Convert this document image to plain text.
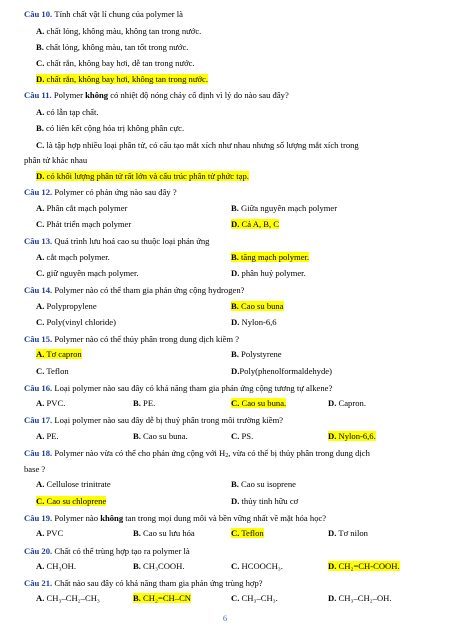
Câu 10. Tính chất vật lí chung của polymer là
A. chất lỏng, không màu, không tan trong nước.
B. chất lỏng, không màu, tan tốt trong nước.
C. chất rắn, không bay hơi, dễ tan trong nước.
D. chất rắn, không bay hơi, không tan trong nước.
Câu 11. Polymer không có nhiệt độ nóng chảy cố định vì lý do nào sau đây?
A. có lẫn tạp chất.
B. có liên kết cộng hóa trị không phân cực.
C. là tập hợp nhiều loại phân tử, có cấu tạo mắt xích như nhau nhưng số lượng mắt xích trong
phân tử khác nhau
D. có khối lượng phân tử rất lớn và cấu trúc phân tử phức tạp.
Câu 12. Polymer có phản ứng nào sau đây ?
A. Phân cắt mạch polymer	B. Giữa nguyên mạch polymer
C. Phát triển mạch polymer	D. Cả A, B, C
Câu 13. Quá trình lưu hoá cao su thuộc loại phản ứng
A. cắt mạch polymer.	B. tăng mạch polymer.
C. giữ nguyên mạch polymer.	D. phân huỷ polymer.
Câu 14. Polymer nào có thể tham gia phản ứng cộng hydrogen?
A. Polypropylene	B. Cao su buna
C. Poly(vinyl chloride)	D. Nylon-6,6
Câu 15. Polymer nào có thể thủy phân trong dung dịch kiềm ?
A. Tơ capron	B. Polystyrene
C. Teflon	D.Poly(phenolformaldehyde)
Câu 16. Loại polymer nào sau đây có khả năng tham gia phản ứng cộng tương tự alkene?
A. PVC.	B. PE.	C. Cao su buna.	D. Capron.
Câu 17. Loại polymer nào sau đây dễ bị thuỷ phân trong môi trường kiềm?
A. PE.	B. Cao su buna.	C. PS.	D. Nylon-6,6.
Câu 18. Polymer nào vừa có thể cho phản ứng cộng với $H_2$, vừa có thể bị thủy phân trong dung dịch
base ?
A. Cellulose trinitrate	B. Cao su isoprene
C. Cao su chloprene	D. thủy tinh hữu cơ
Câu 19. Polymer nào không tan trong mọi dung môi và bền vững nhất về mặt hóa học?
A. PVC	B. Cao su lưu hóa	C. Teflon	D. Tơ nilon
Câu 20. Chất có thể trùng hợp tạo ra polymer là
A. CH₃OH.	B. CH₃COOH.	C. HCOOCH₃.	D. CH₂=CH-COOH.
Câu 21. Chất nào sau đây có khả năng tham gia phản ứng trùng hợp?
A. CH₃–CH₂–CH₃	B. CH₂=CH–CN	C. CH₃–CH₃.	D. CH₃–CH₂–OH.
6
